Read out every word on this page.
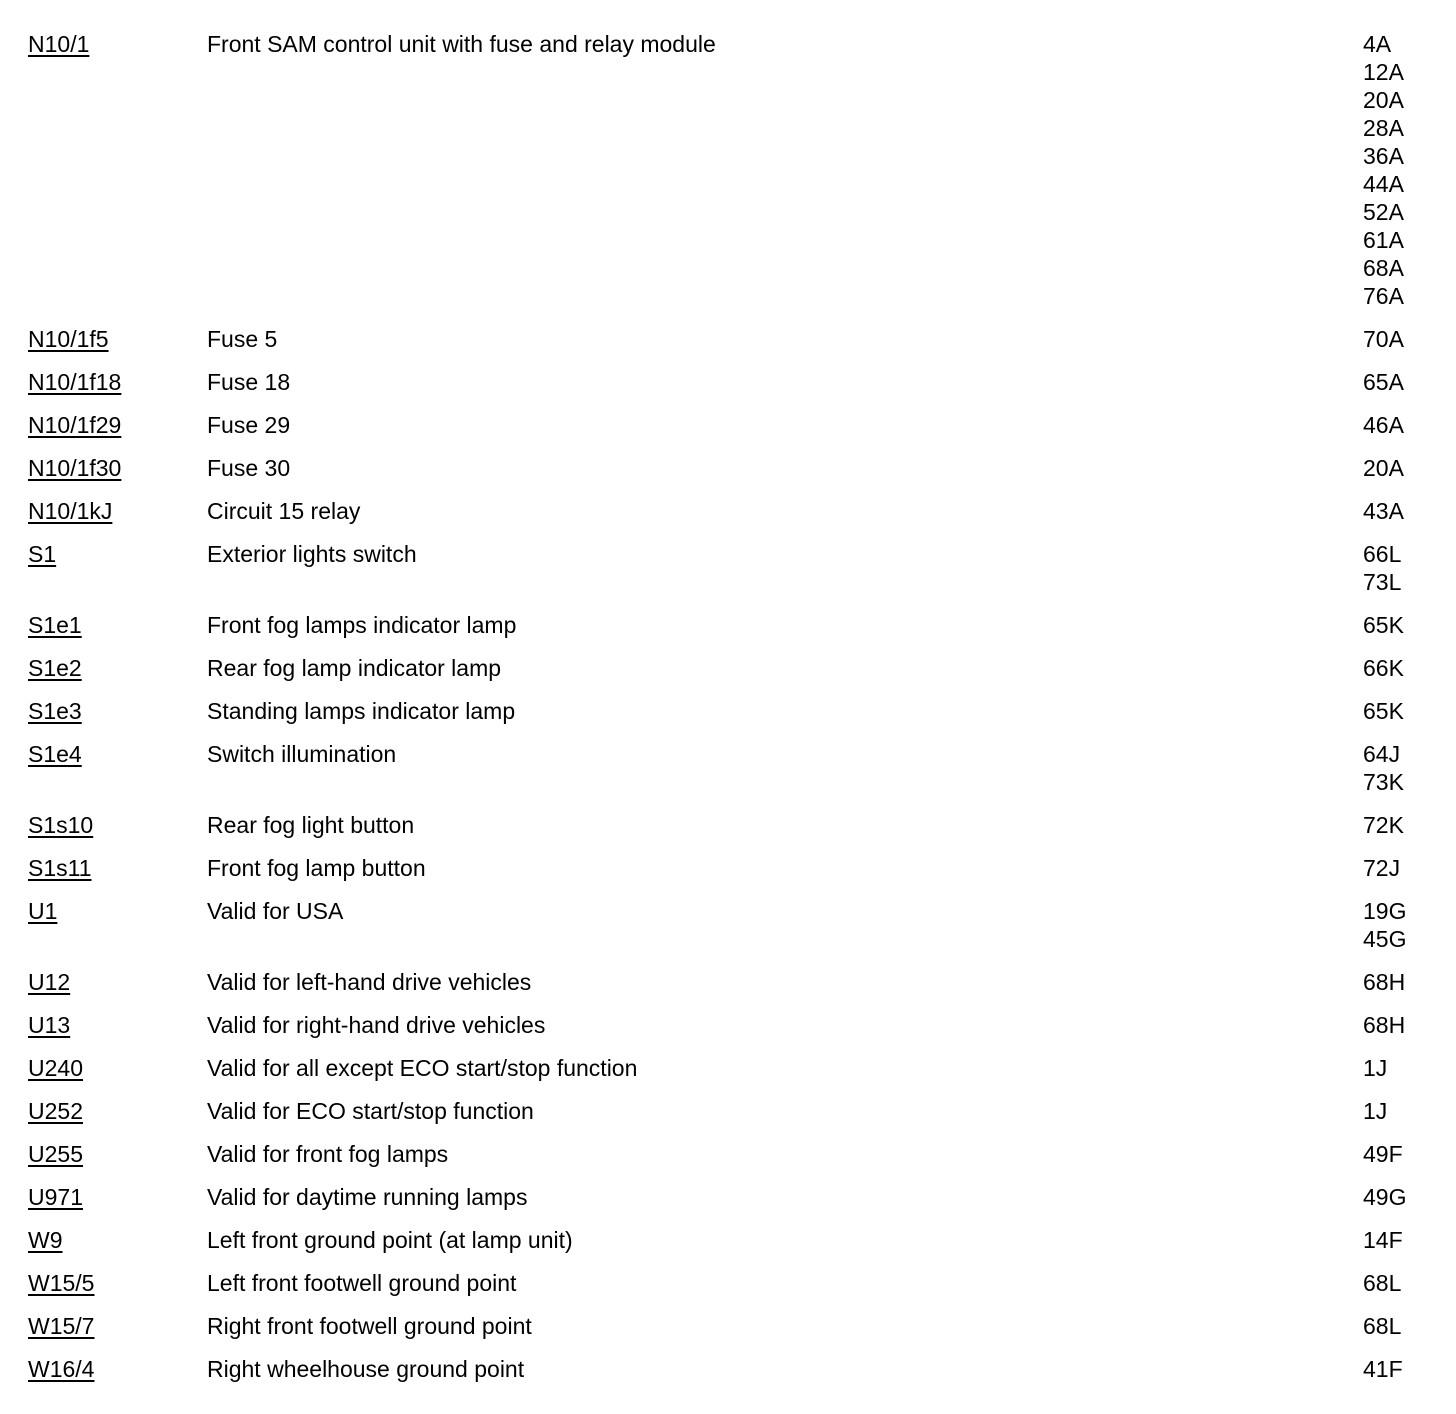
N10/1	Front SAM control unit with fuse and relay module	4A
12A
20A
28A
36A
44A
52A
61A
68A
76A
N10/1f5	Fuse 5	70A
N10/1f18	Fuse 18	65A
N10/1f29	Fuse 29	46A
N10/1f30	Fuse 30	20A
N10/1kJ	Circuit 15 relay	43A
S1	Exterior lights switch	66L
73L
S1e1	Front fog lamps indicator lamp	65K
S1e2	Rear fog lamp indicator lamp	66K
S1e3	Standing lamps indicator lamp	65K
S1e4	Switch illumination	64J
73K
S1s10	Rear fog light button	72K
S1s11	Front fog lamp button	72J
U1	Valid for USA	19G
45G
U12	Valid for left-hand drive vehicles	68H
U13	Valid for right-hand drive vehicles	68H
U240	Valid for all except ECO start/stop function	1J
U252	Valid for ECO start/stop function	1J
U255	Valid for front fog lamps	49F
U971	Valid for daytime running lamps	49G
W9	Left front ground point (at lamp unit)	14F
W15/5	Left front footwell ground point	68L
W15/7	Right front footwell ground point	68L
W16/4	Right wheelhouse ground point	41F
